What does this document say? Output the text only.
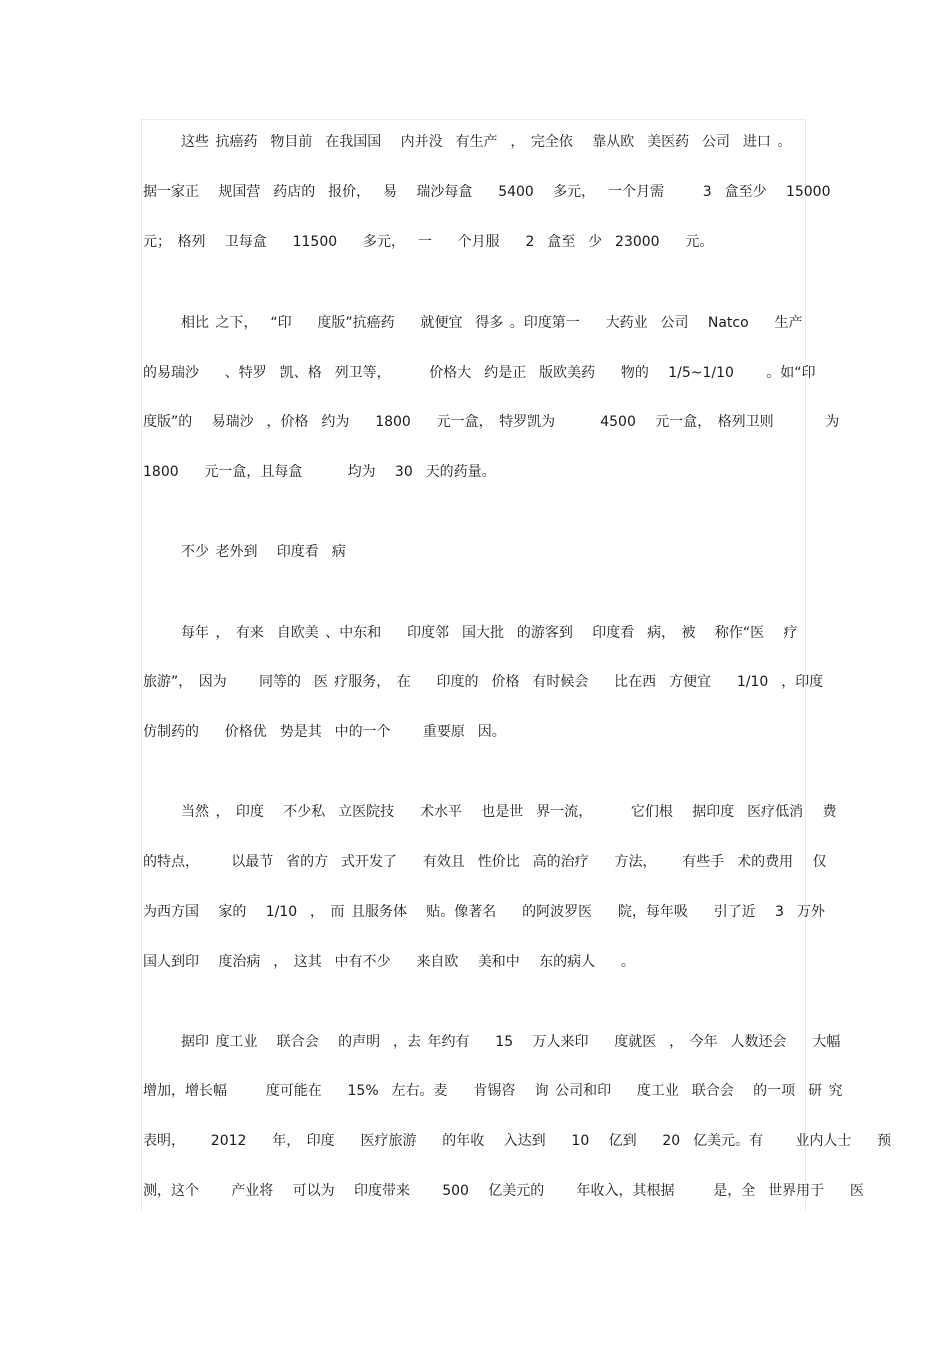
这些 抗癌药  物目前  在我国国   内并没  有生产  ， 完全依   靠从欧  美医药  公司  进口 。
据一家正   规国营  药店的  报价，  易   瑞沙每盒    5400   多元，  一个月需      3  盒至少   15000
元； 格列   卫每盒    11500    多元，  一    个月服    2  盒至  少  23000    元。
相比 之下，  “印    度版”抗癌药    就便宜  得多 。印度第一    大药业  公司   Natco    生产
的易瑞沙    、特罗  凯、格  列卫等，      价格大  约是正  版欧美药    物的   1/5~1/10     。如“印
度版”的   易瑞沙  ，价格  约为    1800    元一盒， 特罗凯为       4500   元一盒， 格列卫则        为
1800    元一盒，且每盒       均为   30  天的药量。
不少 老外到   印度看  病
每年 ， 有来  自欧美 、中东和    印度邻  国大批  的游客到   印度看  病， 被   称作“医   疗
旅游”， 因为     同等的  医 疗服务， 在    印度的  价格  有时候会    比在西  方便宜    1/10  ，印度
仿制药的    价格优  势是其  中的一个     重要原  因。
当然 ， 印度   不少私  立医院技    术水平   也是世  界一流，      它们根   据印度  医疗低消   费
的特点，     以最节  省的方  式开发了    有效且  性价比  高的治疗    方法，    有些手  术的费用   仅
为西方国   家的   1/10  ， 而 且服务体   贴。像著名    的阿波罗医    院，每年吸    引了近   3  万外
国人到印   度治病  ， 这其  中有不少    来自欧   美和中   东的病人    。
据印 度工业   联合会   的声明  ，去 年约有    15   万人来印    度就医  ， 今年  人数还会    大幅
增加，增长幅      度可能在    15%  左右。麦    肯锡咨   询 公司和印    度工业  联合会   的一项  研 究
表明，    2012    年， 印度    医疗旅游    的年收   入达到    10   亿到    20  亿美元。有     业内人士    预
测，这个     产业将   可以为   印度带来     500   亿美元的     年收入，其根据      是，全  世界用于    医
